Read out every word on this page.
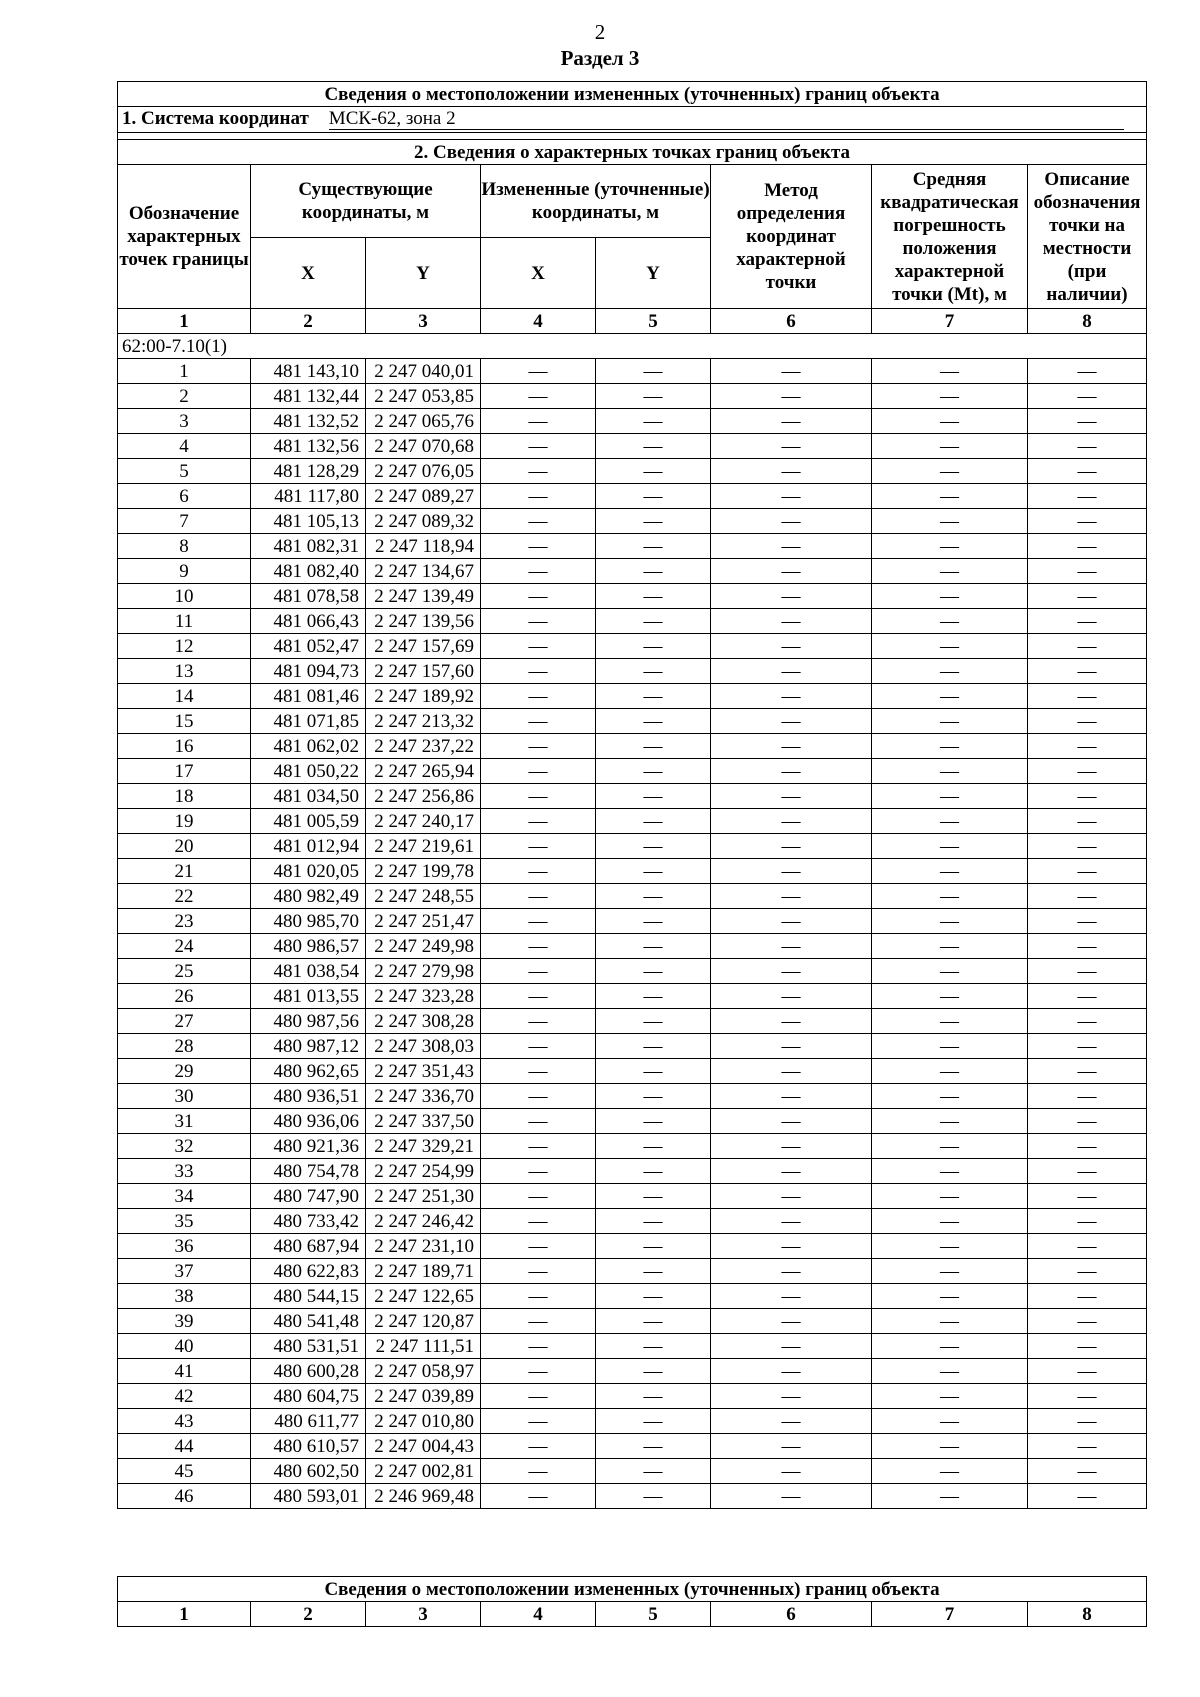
2
Раздел 3
Сведения о местоположении измененных (уточненных) границ объекта							
1. Система координат МСК-62, зона 2							

2. Сведения о характерных точках границ объекта							
Обозначение характерных точек границы	Существующие координаты, м		Измененные (уточненные) координаты, м		Метод определения координат характерной точки	Средняя квадратическая погрешность положения характерной точки (Mt), м	Описание обозначения точки на местности (при наличии)
	X	Y	X	Y			
1	2	3	4	5	6	7	8
62:00-7.10(1)							
1	481 143,10	2 247 040,01	—	—	—	—	—
2	481 132,44	2 247 053,85	—	—	—	—	—
3	481 132,52	2 247 065,76	—	—	—	—	—
4	481 132,56	2 247 070,68	—	—	—	—	—
5	481 128,29	2 247 076,05	—	—	—	—	—
6	481 117,80	2 247 089,27	—	—	—	—	—
7	481 105,13	2 247 089,32	—	—	—	—	—
8	481 082,31	2 247 118,94	—	—	—	—	—
9	481 082,40	2 247 134,67	—	—	—	—	—
10	481 078,58	2 247 139,49	—	—	—	—	—
11	481 066,43	2 247 139,56	—	—	—	—	—
12	481 052,47	2 247 157,69	—	—	—	—	—
13	481 094,73	2 247 157,60	—	—	—	—	—
14	481 081,46	2 247 189,92	—	—	—	—	—
15	481 071,85	2 247 213,32	—	—	—	—	—
16	481 062,02	2 247 237,22	—	—	—	—	—
17	481 050,22	2 247 265,94	—	—	—	—	—
18	481 034,50	2 247 256,86	—	—	—	—	—
19	481 005,59	2 247 240,17	—	—	—	—	—
20	481 012,94	2 247 219,61	—	—	—	—	—
21	481 020,05	2 247 199,78	—	—	—	—	—
22	480 982,49	2 247 248,55	—	—	—	—	—
23	480 985,70	2 247 251,47	—	—	—	—	—
24	480 986,57	2 247 249,98	—	—	—	—	—
25	481 038,54	2 247 279,98	—	—	—	—	—
26	481 013,55	2 247 323,28	—	—	—	—	—
27	480 987,56	2 247 308,28	—	—	—	—	—
28	480 987,12	2 247 308,03	—	—	—	—	—
29	480 962,65	2 247 351,43	—	—	—	—	—
30	480 936,51	2 247 336,70	—	—	—	—	—
31	480 936,06	2 247 337,50	—	—	—	—	—
32	480 921,36	2 247 329,21	—	—	—	—	—
33	480 754,78	2 247 254,99	—	—	—	—	—
34	480 747,90	2 247 251,30	—	—	—	—	—
35	480 733,42	2 247 246,42	—	—	—	—	—
36	480 687,94	2 247 231,10	—	—	—	—	—
37	480 622,83	2 247 189,71	—	—	—	—	—
38	480 544,15	2 247 122,65	—	—	—	—	—
39	480 541,48	2 247 120,87	—	—	—	—	—
40	480 531,51	2 247 111,51	—	—	—	—	—
41	480 600,28	2 247 058,97	—	—	—	—	—
42	480 604,75	2 247 039,89	—	—	—	—	—
43	480 611,77	2 247 010,80	—	—	—	—	—
44	480 610,57	2 247 004,43	—	—	—	—	—
45	480 602,50	2 247 002,81	—	—	—	—	—
46	480 593,01	2 246 969,48	—	—	—	—	—
Сведения о местоположении измененных (уточненных) границ объекта
1	2	3	4	5	6	7	8
